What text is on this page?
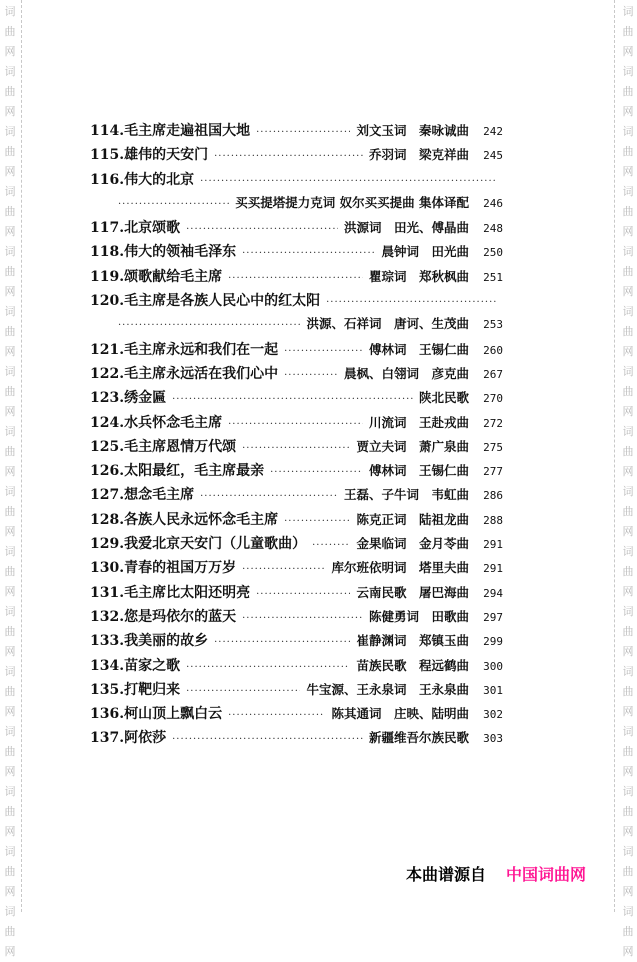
词
曲
网
词
曲
网
词
曲
网
词
曲
网
词
曲
网
词
曲
网
词
曲
网
词
曲
网
词
曲
网
词
曲
网
词
曲
网
词
曲
网
词
曲
网
词
曲
网
词
曲
网
词
曲
网
词
曲
网
词
曲
网
词
曲
网
词
曲
网
词
曲
网
词
曲
网
词
曲
网
词
曲
网
词
曲
网
词
曲
网
词
曲
网
词
曲
网
词
曲
网
词
曲
网
词
曲
网
词
曲
网
114.毛主席走遍祖国大地 ·····	刘文玉词　秦咏诚曲	242
115.雄伟的天安门 ·····	乔羽词　梁克祥曲	245
116.伟大的北京
·····
·····
买买提塔提力克词 奴尔买买提曲 集体译配	246
117.北京颂歌 ·····	洪源词　田光、傅晶曲	248
118.伟大的领袖毛泽东 ·····	晨钟词　田光曲	250
119.颂歌献给毛主席 ·····	瞿琮词　郑秋枫曲	251
120.毛主席是各族人民心中的红太阳
·····
·····
洪源、石祥词　唐诃、生茂曲	253
121.毛主席永远和我们在一起 ·····	傅林词　王锡仁曲	260
122.毛主席永远活在我们心中 ·····	晨枫、白翎词　彦克曲	267
123.绣金匾 ·····	陕北民歌	270
124.水兵怀念毛主席 ·····	川流词　王赴戎曲	272
125.毛主席恩情万代颂 ·····	贾立夫词　萧广泉曲	275
126.太阳最红，毛主席最亲 ·····	傅林词　王锡仁曲	277
127.想念毛主席 ·····	王磊、子牛词　韦虹曲	286
128.各族人民永远怀念毛主席 ·····	陈克正词　陆祖龙曲	288
129.我爱北京天安门（儿童歌曲） ·····	金果临词　金月苓曲	291
130.青春的祖国万万岁 ·····	库尔班依明词　塔里夫曲	291
131.毛主席比太阳还明亮 ·····	云南民歌　屠巴海曲	294
132.您是玛依尔的蓝天 ·····	陈健勇词　田歌曲	297
133.我美丽的故乡 ·····	崔静渊词　郑镇玉曲	299
134.苗家之歌 ·····	苗族民歌　程远鹤曲	300
135.打靶归来 ·····	牛宝源、王永泉词　王永泉曲	301
136.柯山顶上飘白云 ·····	陈其通词　庄映、陆明曲	302
137.阿依莎 ·····	新疆维吾尔族民歌	303
本曲谱源自 中国词曲网
